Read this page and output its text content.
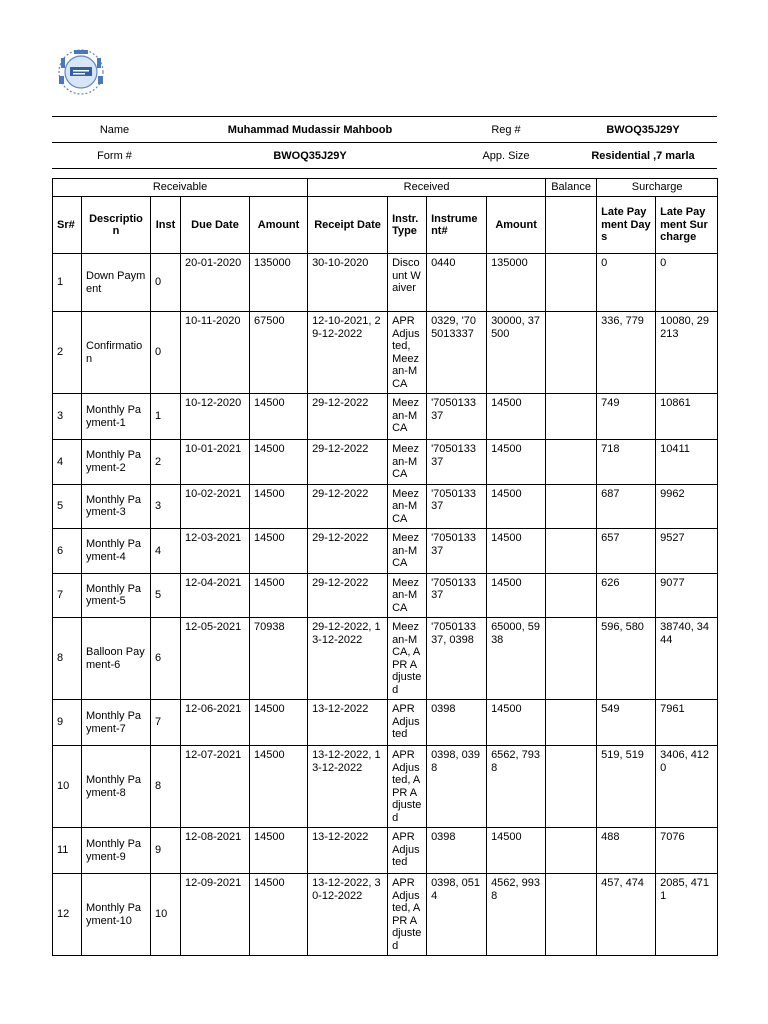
Name	Muhammad Mudassir Mahboob	Reg #	BWOQ35J29Y
Form #	BWOQ35J29Y	App. Size	Residential ,7 marla
Receivable					Received				Balance	Surcharge	
Sr#	Description	Inst	Due Date	Amount	Receipt Date	Instr. Type	Instrument#	Amount		Late Payment Days	Late Payment Surcharge
1	Down Payment	0	20-01-2020	135000	30-10-2020	Discount Waiver	0440	135000		0	0
2	Confirmation	0	10-11-2020	67500	12-10-2021, 29-12-2022	APR Adjusted, Meezan-MCA	0329, '705013337	30000, 37500		336, 779	10080, 29213
3	Monthly Payment-1	1	10-12-2020	14500	29-12-2022	Meezan-MCA	'705013337	14500		749	10861
4	Monthly Payment-2	2	10-01-2021	14500	29-12-2022	Meezan-MCA	'705013337	14500		718	10411
5	Monthly Payment-3	3	10-02-2021	14500	29-12-2022	Meezan-MCA	'705013337	14500		687	9962
6	Monthly Payment-4	4	12-03-2021	14500	29-12-2022	Meezan-MCA	'705013337	14500		657	9527
7	Monthly Payment-5	5	12-04-2021	14500	29-12-2022	Meezan-MCA	'705013337	14500		626	9077
8	Balloon Payment-6	6	12-05-2021	70938	29-12-2022, 13-12-2022	Meezan-MCA, APR Adjusted	'705013337, 0398	65000, 5938		596, 580	38740, 3444
9	Monthly Payment-7	7	12-06-2021	14500	13-12-2022	APR Adjusted	0398	14500		549	7961
10	Monthly Payment-8	8	12-07-2021	14500	13-12-2022, 13-12-2022	APR Adjusted, APR Adjusted	0398, 0398	6562, 7938		519, 519	3406, 4120
11	Monthly Payment-9	9	12-08-2021	14500	13-12-2022	APR Adjusted	0398	14500		488	7076
12	Monthly Payment-10	10	12-09-2021	14500	13-12-2022, 30-12-2022	APR Adjusted, APR Adjusted	0398, 0514	4562, 9938		457, 474	2085, 4711
